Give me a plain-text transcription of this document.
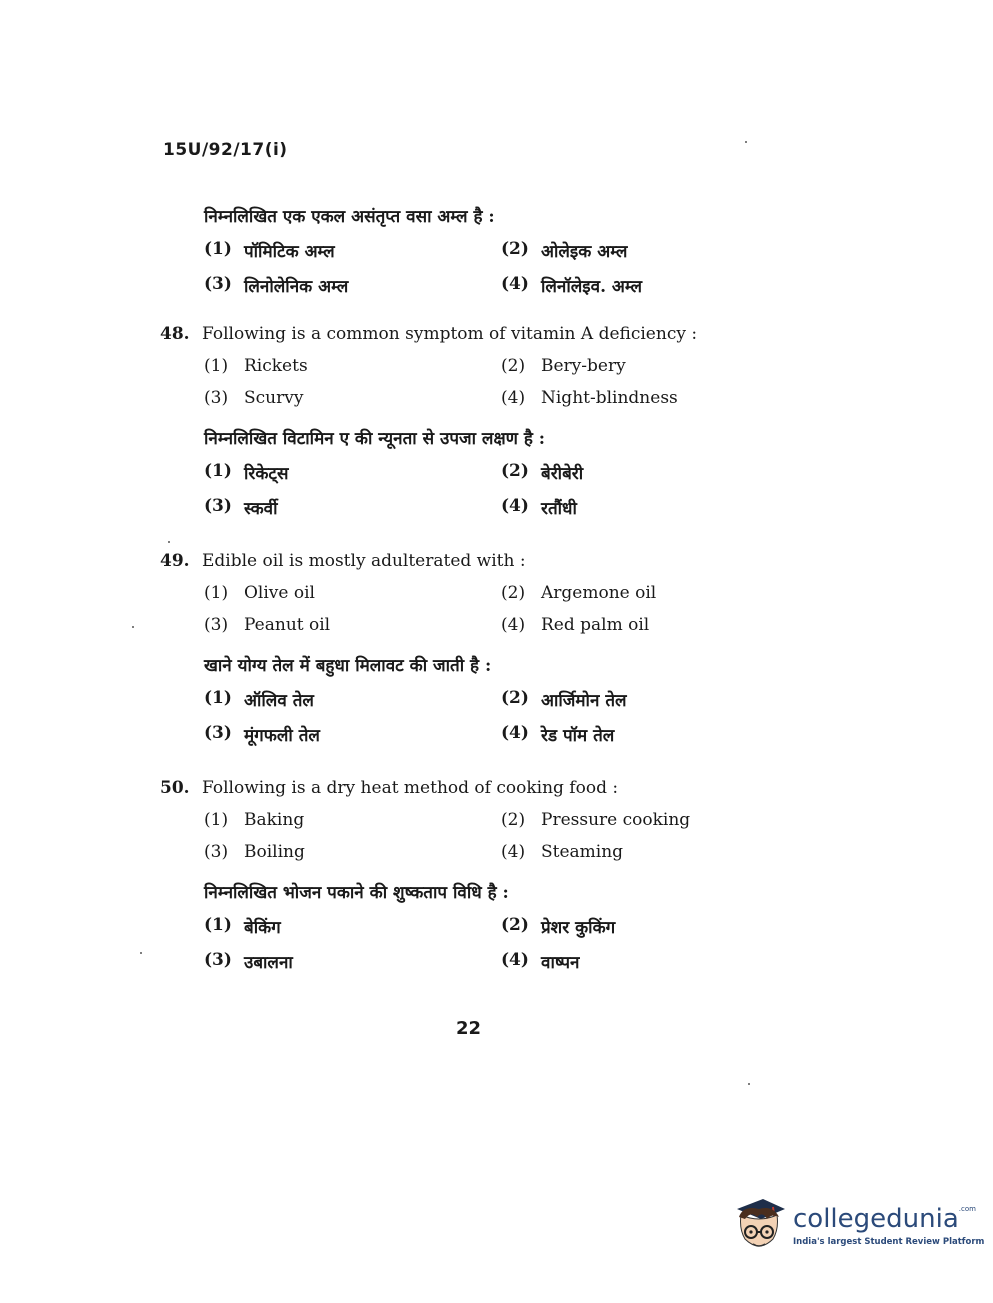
15U/92/17(i)
निम्नलिखित एक एकल असंतृप्त वसा अम्ल है :
(1) पॉमिटिक अम्ल	(2) ओलेइक अम्ल
(3) लिनोलेनिक अम्ल	(4) लिनॉलेइव. अम्ल
48. Following is a common symptom of vitamin A deficiency :
(1) Rickets	(2) Bery-bery
(3) Scurvy	(4) Night-blindness
निम्नलिखित विटामिन ए की न्यूनता से उपजा लक्षण है :
(1) रिकेट्स	(2) बेरीबेरी
(3) स्कर्वी	(4) रतौंधी
49. Edible oil is mostly adulterated with :
(1) Olive oil	(2) Argemone oil
(3) Peanut oil	(4) Red palm oil
खाने योग्य तेल में बहुधा मिलावट की जाती है :
(1) ऑलिव तेल	(2) आर्जिमोन तेल
(3) मूंगफली तेल	(4) रेड पॉम तेल
50. Following is a dry heat method of cooking food :
(1) Baking	(2) Pressure cooking
(3) Boiling	(4) Steaming
निम्नलिखित भोजन पकाने की शुष्कताप विधि है :
(1) बेकिंग	(2) प्रेशर कुकिंग
(3) उबालना	(4) वाष्पन
22
collegedunia$^{.com}$
India's largest Student Review Platform
